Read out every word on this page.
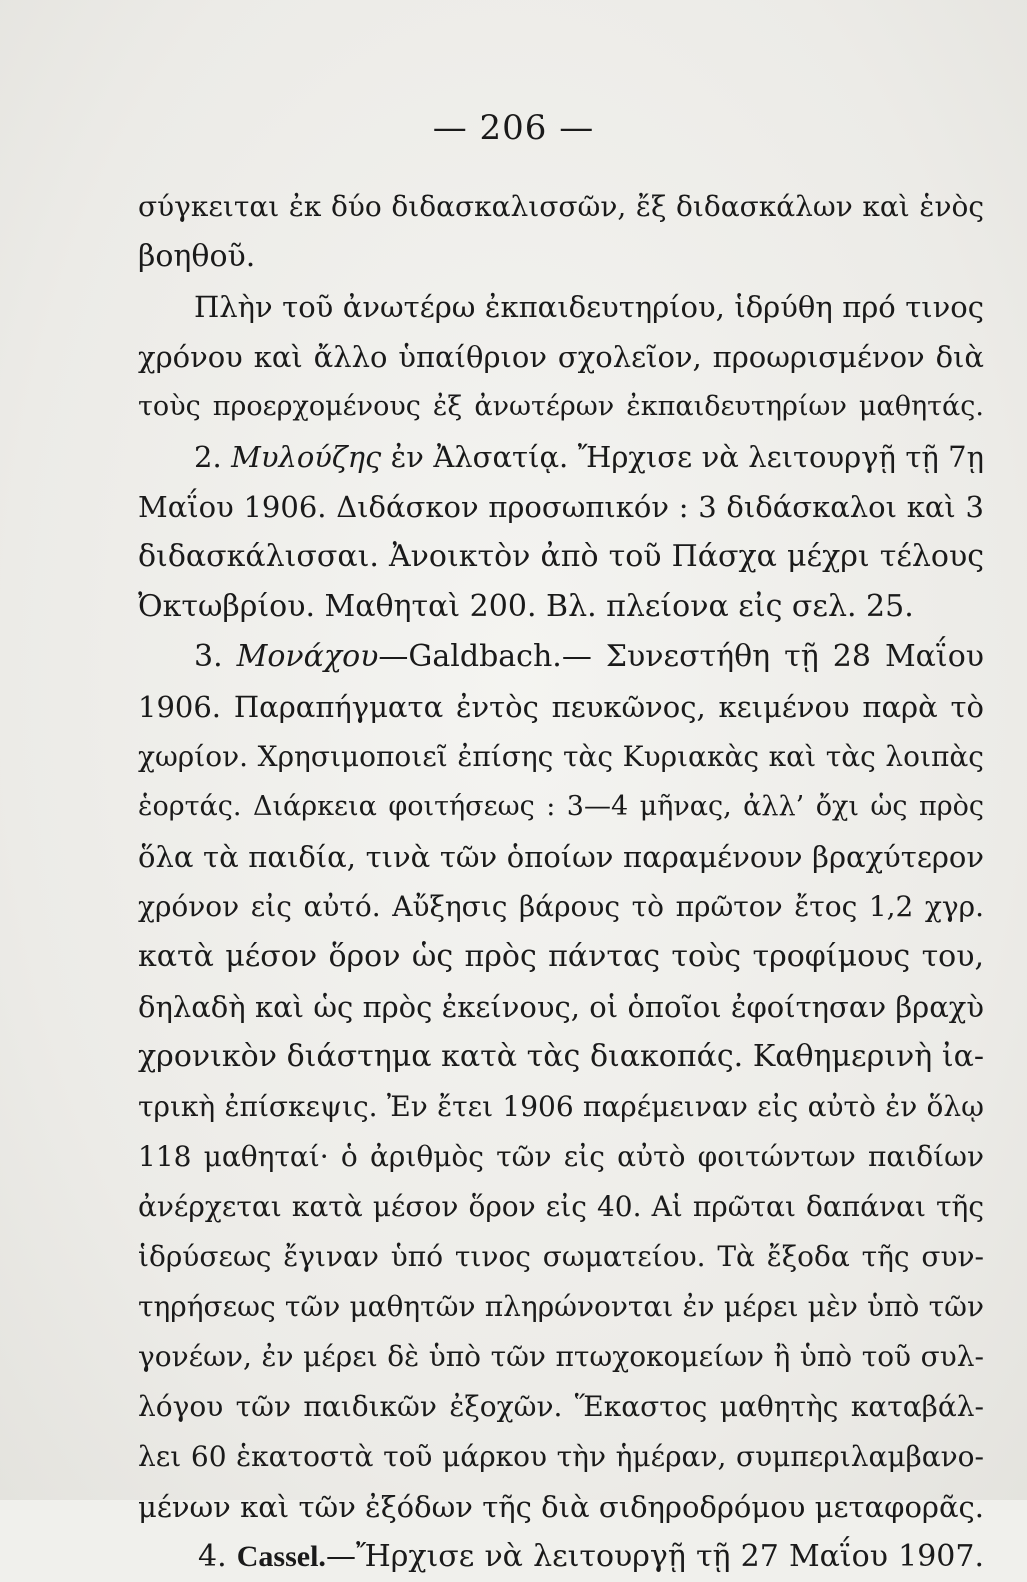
— 206 —
σύγκειται ἐκ δύο διδασκαλισσῶν, ἔξ διδασκάλων καὶ ἑνὸς
βοηθοῦ.
Πλὴν τοῦ ἀνωτέρω ἐκπαιδευτηρίου, ἱδρύθη πρό τινος
χρόνου καὶ ἄλλο ὑπαίθριον σχολεῖον, προωρισμένον διὰ
τοὺς προερχομένους ἐξ ἀνωτέρων ἐκπαιδευτηρίων μαθητάς.
2. Μυλούζης ἐν Ἀλσατίᾳ. Ἤρχισε νὰ λειτουργῇ τῇ 7ῃ
Μαΐου 1906. Διδάσκον προσωπικόν : 3 διδάσκαλοι καὶ 3
διδασκάλισσαι. Ἀνοικτὸν ἀπὸ τοῦ Πάσχα μέχρι τέλους
Ὀκτωβρίου. Μαθηταὶ 200. Βλ. πλείονα εἰς σελ. 25.
3. Μονάχου—Galdbach.— Συνεστήθη τῇ 28 Μαΐου
1906. Παραπήγματα ἐντὸς πευκῶνος, κειμένου παρὰ τὸ
χωρίον. Χρησιμοποιεῖ ἐπίσης τὰς Κυριακὰς καὶ τὰς λοιπὰς
ἑορτάς. Διάρκεια φοιτήσεως : 3—4 μῆνας, ἀλλ’ ὄχι ὡς πρὸς
ὅλα τὰ παιδία, τινὰ τῶν ὁποίων παραμένουν βραχύτερον
χρόνον εἰς αὐτό. Αὔξησις βάρους τὸ πρῶτον ἔτος 1,2 χγρ.
κατὰ μέσον ὅρον ὡς πρὸς πάντας τοὺς τροφίμους του,
δηλαδὴ καὶ ὡς πρὸς ἐκείνους, οἱ ὁποῖοι ἐφοίτησαν βραχὺ
χρονικὸν διάστημα κατὰ τὰς διακοπάς. Καθημερινὴ ἰα-
τρικὴ ἐπίσκεψις. Ἐν ἔτει 1906 παρέμειναν εἰς αὐτὸ ἐν ὅλῳ
118 μαθηταί· ὁ ἀριθμὸς τῶν εἰς αὐτὸ φοιτώντων παιδίων
ἀνέρχεται κατὰ μέσον ὅρον εἰς 40. Αἱ πρῶται δαπάναι τῆς
ἱδρύσεως ἔγιναν ὑπό τινος σωματείου. Τὰ ἔξοδα τῆς συν-
τηρήσεως τῶν μαθητῶν πληρώνονται ἐν μέρει μὲν ὑπὸ τῶν
γονέων, ἐν μέρει δὲ ὑπὸ τῶν πτωχοκομείων ἢ ὑπὸ τοῦ συλ-
λόγου τῶν παιδικῶν ἐξοχῶν. Ἕκαστος μαθητὴς καταβάλ-
λει 60 ἑκατοστὰ τοῦ μάρκου τὴν ἡμέραν, συμπεριλαμβανο-
μένων καὶ τῶν ἐξόδων τῆς διὰ σιδηροδρόμου μεταφορᾶς.
4. Cassel.—Ἤρχισε νὰ λειτουργῇ τῇ 27 Μαΐου 1907.
